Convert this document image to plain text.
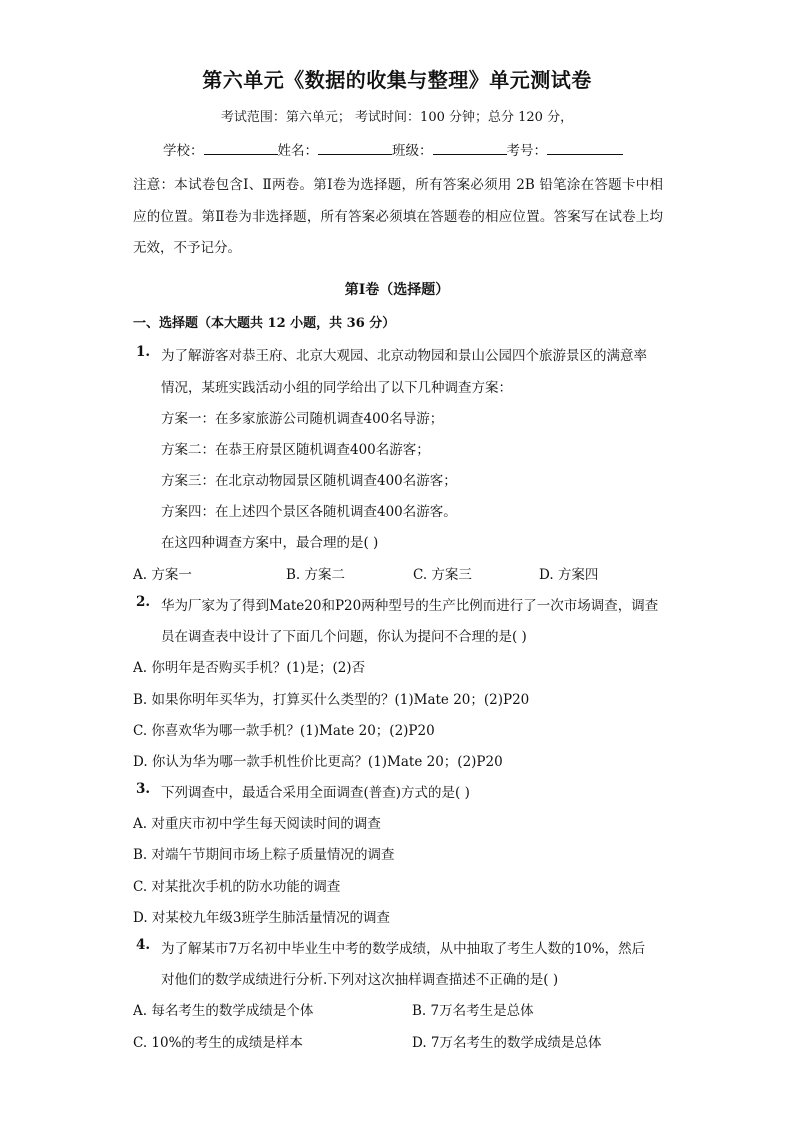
第六单元《数据的收集与整理》单元测试卷
考试范围：第六单元； 考试时间：100 分钟；总分 120 分，
学校：	姓名：	班级：	考号：
注意：本试卷包含Ⅰ、Ⅱ两卷。第Ⅰ卷为选择题，所有答案必须用 2B 铅笔涂在答题卡中相应的位置。第Ⅱ卷为非选择题，所有答案必须填在答题卷的相应位置。答案写在试卷上均无效，不予记分。
第Ⅰ卷（选择题）
一、选择题（本大题共 12 小题，共 36 分）
1. 为了解游客对恭王府、北京大观园、北京动物园和景山公园四个旅游景区的满意率
情况，某班实践活动小组的同学给出了以下几种调查方案：
方案一：在多家旅游公司随机调查400名导游；
方案二：在恭王府景区随机调查400名游客；
方案三：在北京动物园景区随机调查400名游客；
方案四：在上述四个景区各随机调查400名游客。
在这四种调查方案中，最合理的是( )
A. 方案一	B. 方案二	C. 方案三	D. 方案四
2. 华为厂家为了得到Mate20和P20两种型号的生产比例而进行了一次市场调查，调查
员在调查表中设计了下面几个问题，你认为提问不合理的是( )
A. 你明年是否购买手机？(1)是；(2)否
B. 如果你明年买华为，打算买什么类型的？(1)Mate 20；(2)P20
C. 你喜欢华为哪一款手机？(1)Mate 20；(2)P20
D. 你认为华为哪一款手机性价比更高？(1)Mate 20；(2)P20
3. 下列调查中，最适合采用全面调查(普查)方式的是( )
A. 对重庆市初中学生每天阅读时间的调查
B. 对端午节期间市场上粽子质量情况的调查
C. 对某批次手机的防水功能的调查
D. 对某校九年级3班学生肺活量情况的调查
4. 为了解某市7万名初中毕业生中考的数学成绩，从中抽取了考生人数的10%，然后
对他们的数学成绩进行分析.下列对这次抽样调查描述不正确的是( )
A. 每名考生的数学成绩是个体	B. 7万名考生是总体
C. 10%的考生的成绩是样本	D. 7万名考生的数学成绩是总体
